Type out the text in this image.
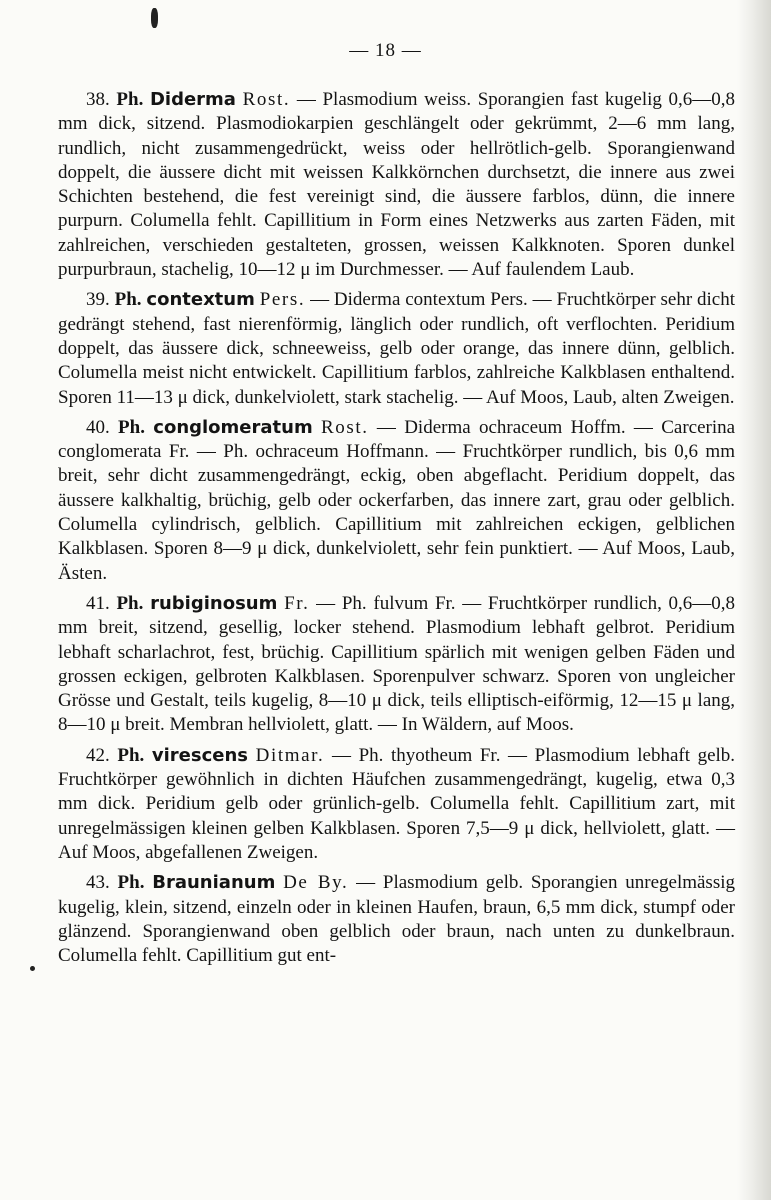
— 18 —

38. Ph. Diderma Rost. — Plasmodium weiss. Sporangien fast kugelig 0,6—0,8 mm dick, sitzend. Plasmodiokarpien geschlängelt oder gekrümmt, 2—6 mm lang, rundlich, nicht zusammengedrückt, weiss oder hellrötlich-gelb. Sporangienwand doppelt, die äussere dicht mit weissen Kalkkörnchen durchsetzt, die innere aus zwei Schichten bestehend, die fest vereinigt sind, die äussere farblos, dünn, die innere purpurn. Columella fehlt. Capillitium in Form eines Netzwerks aus zarten Fäden, mit zahlreichen, verschieden gestalteten, grossen, weissen Kalkknoten. Sporen dunkel purpurbraun, stachelig, 10—12 μ im Durchmesser. — Auf faulendem Laub.

39. Ph. contextum Pers. — Diderma contextum Pers. — Fruchtkörper sehr dicht gedrängt stehend, fast nierenförmig, länglich oder rundlich, oft verflochten. Peridium doppelt, das äussere dick, schneeweiss, gelb oder orange, das innere dünn, gelblich. Columella meist nicht entwickelt. Capillitium farblos, zahlreiche Kalkblasen enthaltend. Sporen 11—13 μ dick, dunkelviolett, stark stachelig. — Auf Moos, Laub, alten Zweigen.

40. Ph. conglomeratum Rost. — Diderma ochraceum Hoffm. — Carcerina conglomerata Fr. — Ph. ochraceum Hoffmann. — Fruchtkörper rundlich, bis 0,6 mm breit, sehr dicht zusammengedrängt, eckig, oben abgeflacht. Peridium doppelt, das äussere kalkhaltig, brüchig, gelb oder ockerfarben, das innere zart, grau oder gelblich. Columella cylindrisch, gelblich. Capillitium mit zahlreichen eckigen, gelblichen Kalkblasen. Sporen 8—9 μ dick, dunkelviolett, sehr fein punktiert. — Auf Moos, Laub, Ästen.

41. Ph. rubiginosum Fr. — Ph. fulvum Fr. — Fruchtkörper rundlich, 0,6—0,8 mm breit, sitzend, gesellig, locker stehend. Plasmodium lebhaft gelbrot. Peridium lebhaft scharlachrot, fest, brüchig. Capillitium spärlich mit wenigen gelben Fäden und grossen eckigen, gelbroten Kalkblasen. Sporenpulver schwarz. Sporen von ungleicher Grösse und Gestalt, teils kugelig, 8—10 μ dick, teils elliptisch-eiförmig, 12—15 μ lang, 8—10 μ breit. Membran hellviolett, glatt. — In Wäldern, auf Moos.

42. Ph. virescens Ditmar. — Ph. thyotheum Fr. — Plasmodium lebhaft gelb. Fruchtkörper gewöhnlich in dichten Häufchen zusammengedrängt, kugelig, etwa 0,3 mm dick. Peridium gelb oder grünlich-gelb. Columella fehlt. Capillitium zart, mit unregelmässigen kleinen gelben Kalkblasen. Sporen 7,5—9 μ dick, hellviolett, glatt. — Auf Moos, abgefallenen Zweigen.

43. Ph. Braunianum De By. — Plasmodium gelb. Sporangien unregelmässig kugelig, klein, sitzend, einzeln oder in kleinen Haufen, braun, 6,5 mm dick, stumpf oder glänzend. Sporangienwand oben gelblich oder braun, nach unten zu dunkelbraun. Columella fehlt. Capillitium gut ent-
